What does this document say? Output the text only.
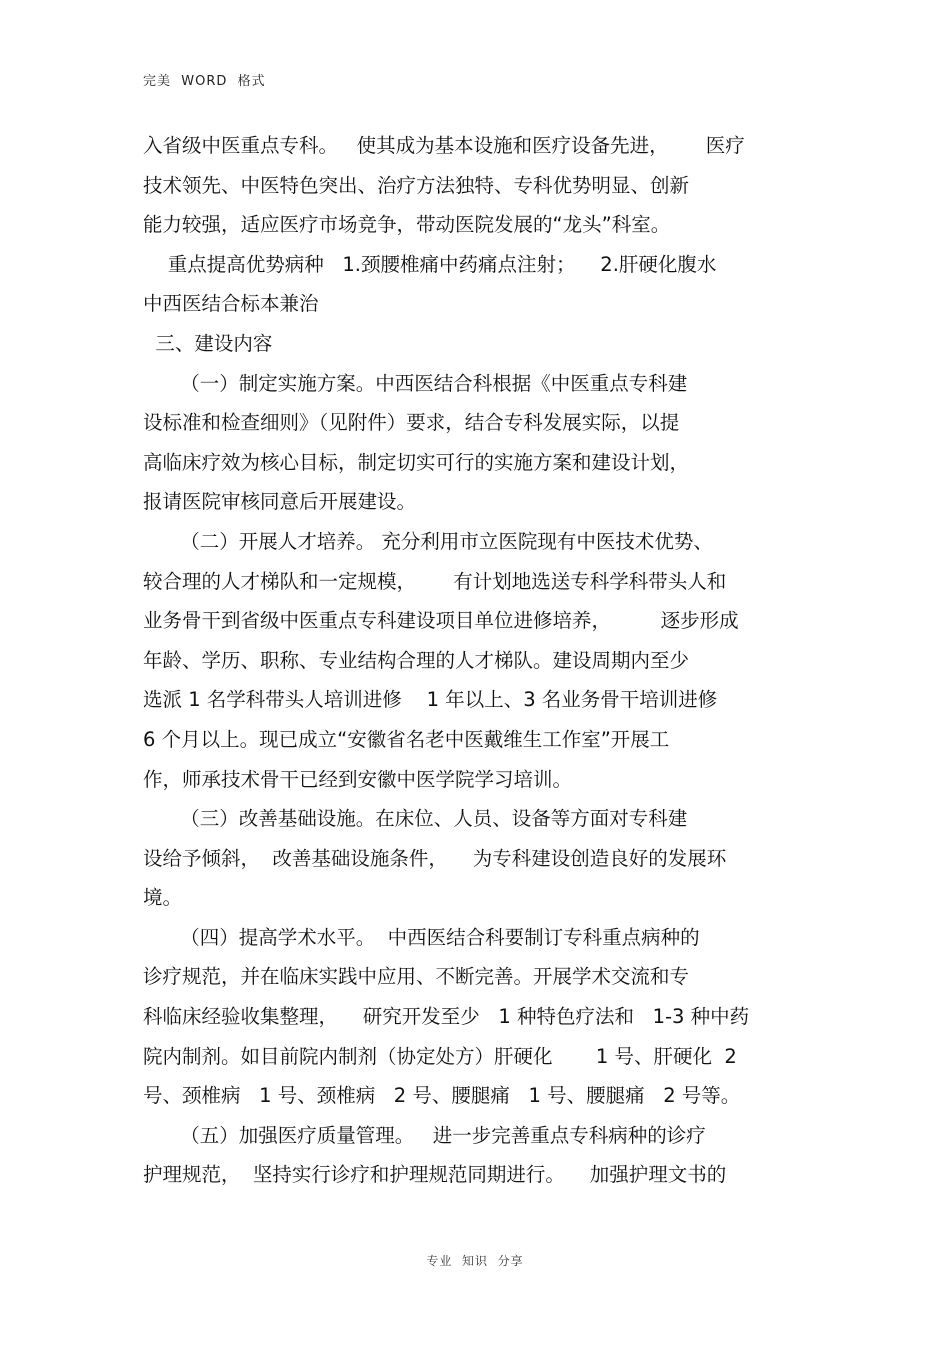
完美  WORD  格式
入省级中医重点专科。   使其成为基本设施和医疗设备先进，      医疗
技术领先、中医特色突出、治疗方法独特、专科优势明显、创新
能力较强，适应医疗市场竞争，带动医院发展的“龙头”科室。
重点提高优势病种   1.颈腰椎痛中药痛点注射；    2.肝硬化腹水
中西医结合标本兼治
三、建设内容
（一）制定实施方案。中西医结合科根据《中医重点专科建
设标准和检查细则》（见附件）要求，结合专科发展实际，以提
高临床疗效为核心目标，制定切实可行的实施方案和建设计划，
报请医院审核同意后开展建设。
（二）开展人才培养。 充分利用市立医院现有中医技术优势、
较合理的人才梯队和一定规模，      有计划地选送专科学科带头人和
业务骨干到省级中医重点专科建设项目单位进修培养，        逐步形成
年龄、学历、职称、专业结构合理的人才梯队。建设周期内至少
选派 1 名学科带头人培训进修    1 年以上、3 名业务骨干培训进修
6 个月以上。现已成立“安徽省名老中医戴维生工作室”开展工
作，师承技术骨干已经到安徽中医学院学习培训。
（三）改善基础设施。在床位、人员、设备等方面对专科建
设给予倾斜，  改善基础设施条件，    为专科建设创造良好的发展环
境。
（四）提高学术水平。  中西医结合科要制订专科重点病种的
诊疗规范，并在临床实践中应用、不断完善。开展学术交流和专
科临床经验收集整理，    研究开发至少   1 种特色疗法和   1-3 种中药
院内制剂。如目前院内制剂（协定处方）肝硬化       1 号、肝硬化  2
号、颈椎病   1 号、颈椎病   2 号、腰腿痛   1 号、腰腿痛   2 号等。
（五）加强医疗质量管理。   进一步完善重点专科病种的诊疗
护理规范，  坚持实行诊疗和护理规范同期进行。    加强护理文书的
专业  知识  分享
